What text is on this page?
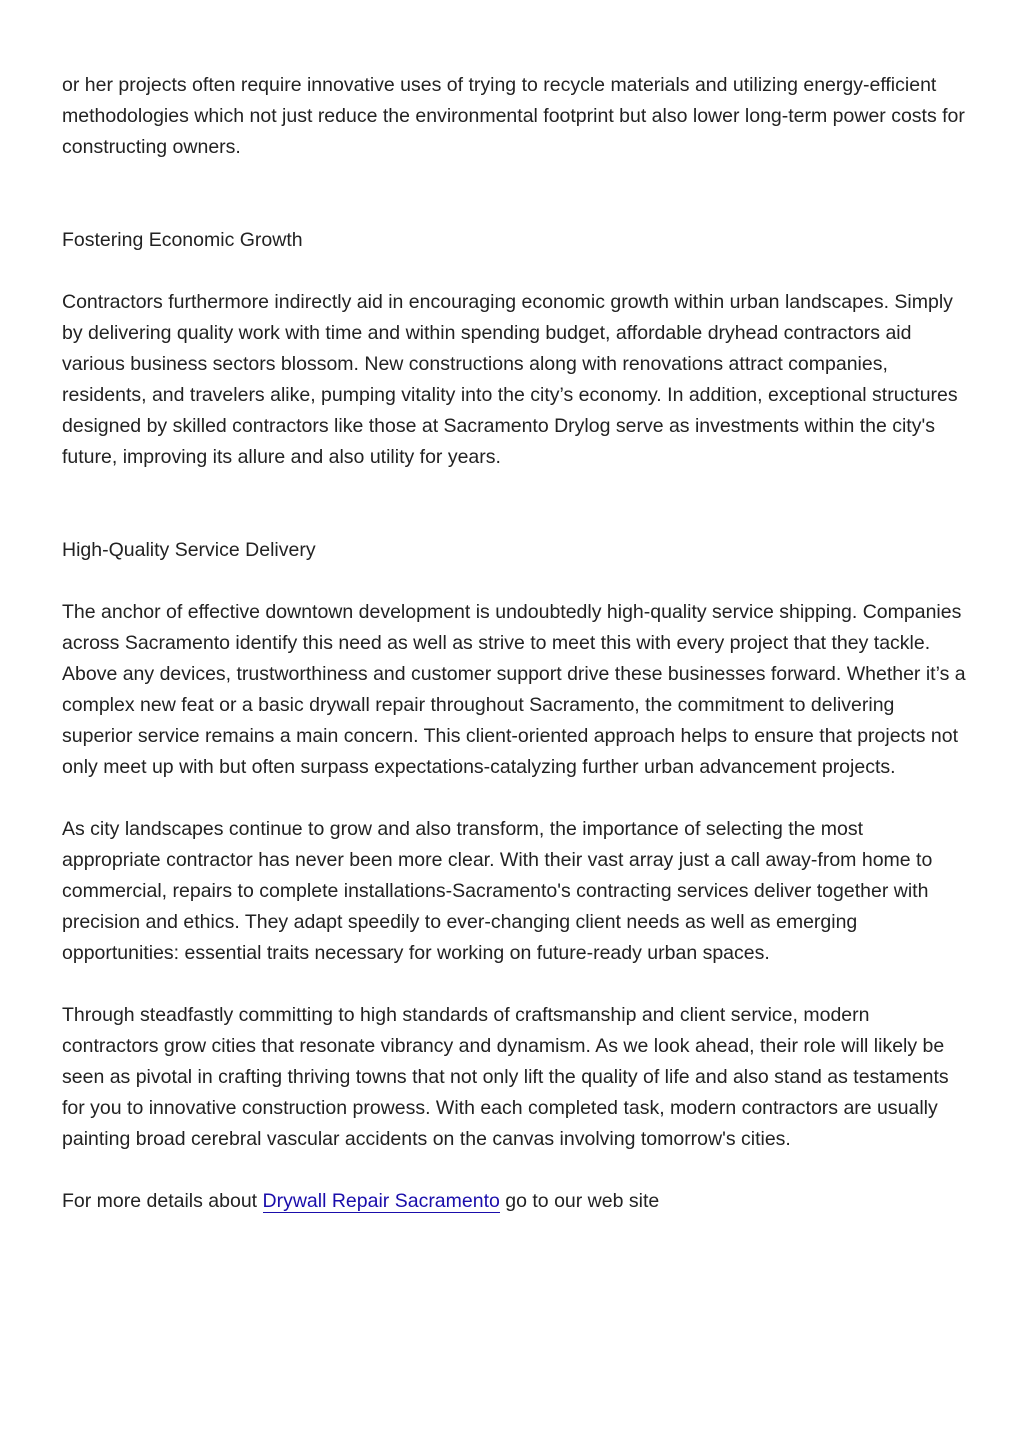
or her projects often require innovative uses of trying to recycle materials and utilizing energy-efficient methodologies which not just reduce the environmental footprint but also lower long-term power costs for constructing owners.

Fostering Economic Growth

Contractors furthermore indirectly aid in encouraging economic growth within urban landscapes. Simply by delivering quality work with time and within spending budget, affordable dryhead contractors aid various business sectors blossom. New constructions along with renovations attract companies, residents, and travelers alike, pumping vitality into the city’s economy. In addition, exceptional structures designed by skilled contractors like those at Sacramento Drylog serve as investments within the city's future, improving its allure and also utility for years.

High-Quality Service Delivery

The anchor of effective downtown development is undoubtedly high-quality service shipping. Companies across Sacramento identify this need as well as strive to meet this with every project that they tackle. Above any devices, trustworthiness and customer support drive these businesses forward. Whether it’s a complex new feat or a basic drywall repair throughout Sacramento, the commitment to delivering superior service remains a main concern. This client-oriented approach helps to ensure that projects not only meet up with but often surpass expectations-catalyzing further urban advancement projects.

As city landscapes continue to grow and also transform, the importance of selecting the most appropriate contractor has never been more clear. With their vast array just a call away-from home to commercial, repairs to complete installations-Sacramento's contracting services deliver together with precision and ethics. They adapt speedily to ever-changing client needs as well as emerging opportunities: essential traits necessary for working on future-ready urban spaces.

Through steadfastly committing to high standards of craftsmanship and client service, modern contractors grow cities that resonate vibrancy and dynamism. As we look ahead, their role will likely be seen as pivotal in crafting thriving towns that not only lift the quality of life and also stand as testaments for you to innovative construction prowess. With each completed task, modern contractors are usually painting broad cerebral vascular accidents on the canvas involving tomorrow's cities.

For more details about Drywall Repair Sacramento go to our web site
